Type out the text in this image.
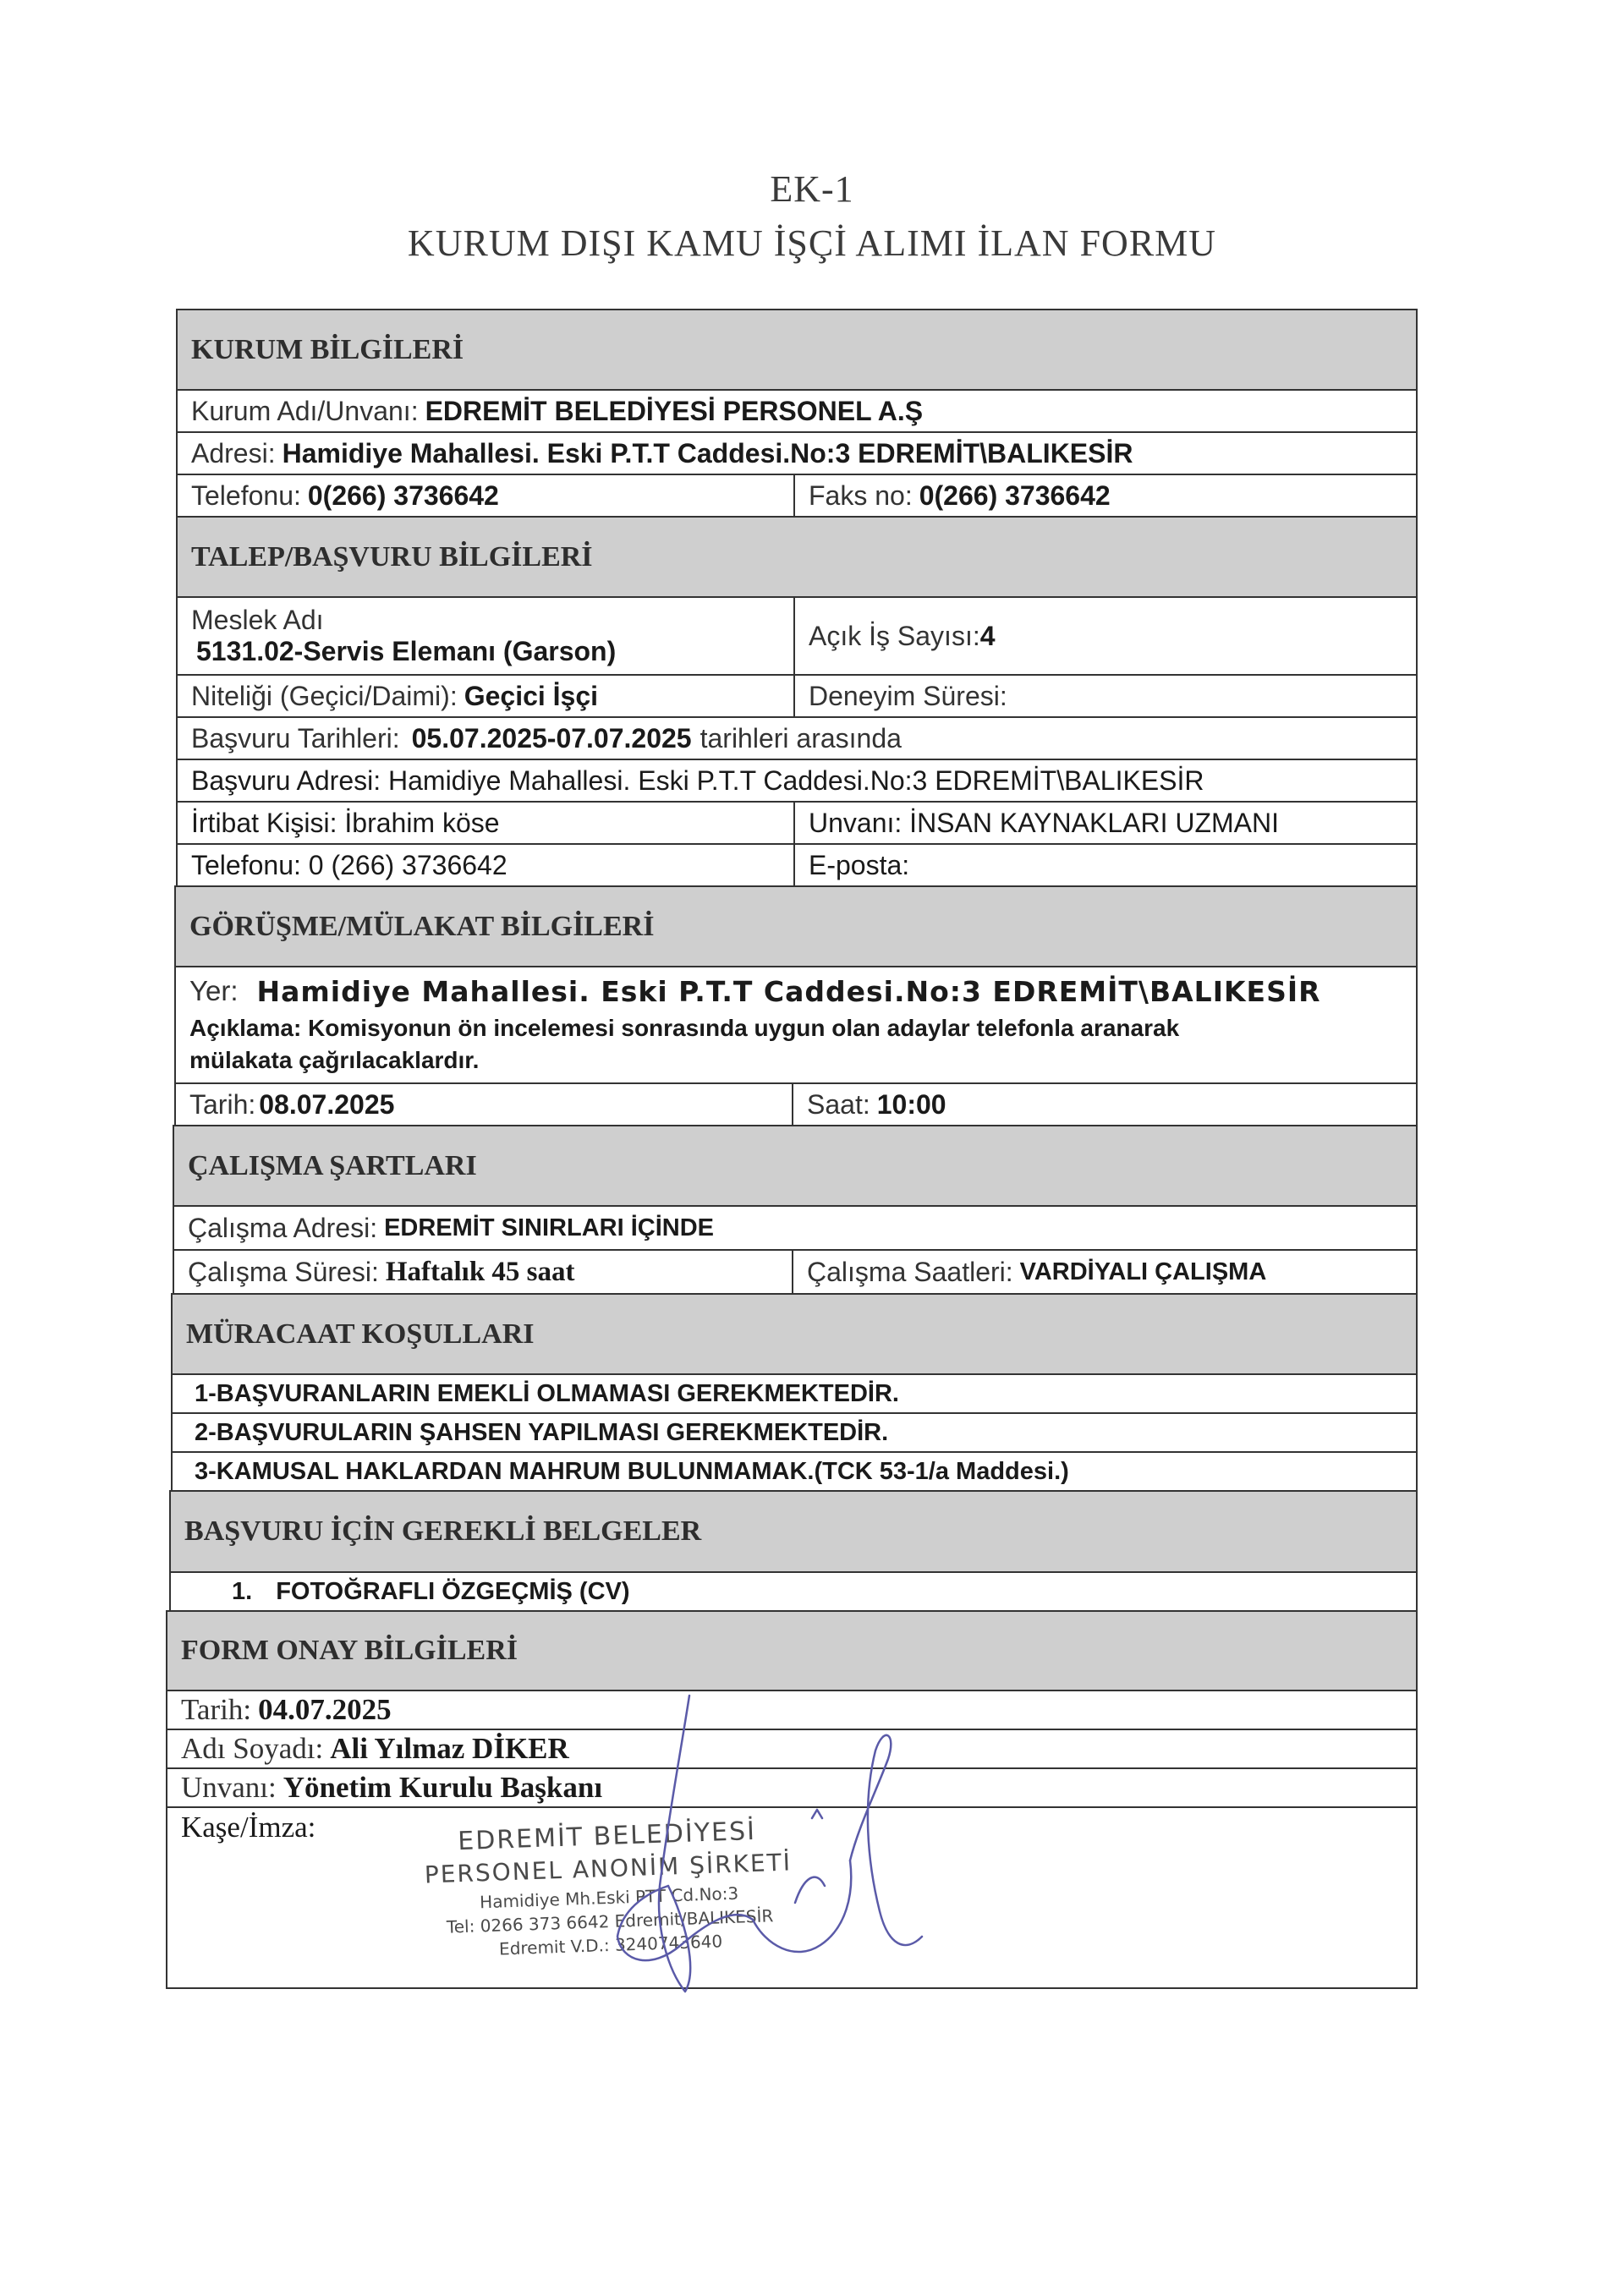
EK-1
KURUM DIŞI KAMU İŞÇİ ALIMI İLAN FORMU
KURUM BİLGİLERİ
Kurum Adı/Unvanı: EDREMİT BELEDİYESİ PERSONEL A.Ş
Adresi: Hamidiye Mahallesi. Eski P.T.T Caddesi.No:3 EDREMİT\BALIKESİR
Telefonu: 0(266) 3736642	Faks no: 0(266) 3736642
TALEP/BAŞVURU BİLGİLERİ
Meslek Adı
5131.02-Servis Elemanı (Garson)
Açık İş Sayısı: 4
Niteliği (Geçici/Daimi): Geçici İşçi	Deneyim Süresi:
Başvuru Tarihleri: 05.07.2025-07.07.2025 tarihleri arasında
Başvuru Adresi: Hamidiye Mahallesi. Eski P.T.T Caddesi.No:3 EDREMİT\BALIKESİR
İrtibat Kişisi: İbrahim köse	Unvanı: İNSAN KAYNAKLARI UZMANI
Telefonu: 0 (266) 3736642	E-posta:
GÖRÜŞME/MÜLAKAT BİLGİLERİ
Yer: Hamidiye Mahallesi. Eski P.T.T Caddesi.No:3 EDREMİT\BALIKESİR
Açıklama: Komisyonun ön incelemesi sonrasında uygun olan adaylar telefonla aranarak
mülakata çağrılacaklardır.
Tarih: 08.07.2025	Saat: 10:00
ÇALIŞMA ŞARTLARI
Çalışma Adresi: EDREMİT SINIRLARI İÇİNDE
Çalışma Süresi: Haftalık 45 saat	Çalışma Saatleri: VARDİYALI ÇALIŞMA
MÜRACAAT KOŞULLARI
1-BAŞVURANLARIN EMEKLİ OLMAMASI GEREKMEKTEDİR.
2-BAŞVURULARIN ŞAHSEN YAPILMASI GEREKMEKTEDİR.
3-KAMUSAL HAKLARDAN MAHRUM BULUNMAMAK.(TCK 53-1/a Maddesi.)
BAŞVURU İÇİN GEREKLİ BELGELER
1. FOTOĞRAFLI ÖZGEÇMİŞ (CV)
FORM ONAY BİLGİLERİ
Tarih: 04.07.2025
Adı Soyadı: Ali Yılmaz DİKER
Unvanı: Yönetim Kurulu Başkanı
Kaşe/İmza:	EDREMİT BELEDİYESİ
PERSONEL ANONİM ŞİRKETİ
Hamidiye Mh.Eski PTT Cd.No:3
Tel: 0266 373 6642 Edremit/BALIKESİR
Edremit V.D.: 3240743640
